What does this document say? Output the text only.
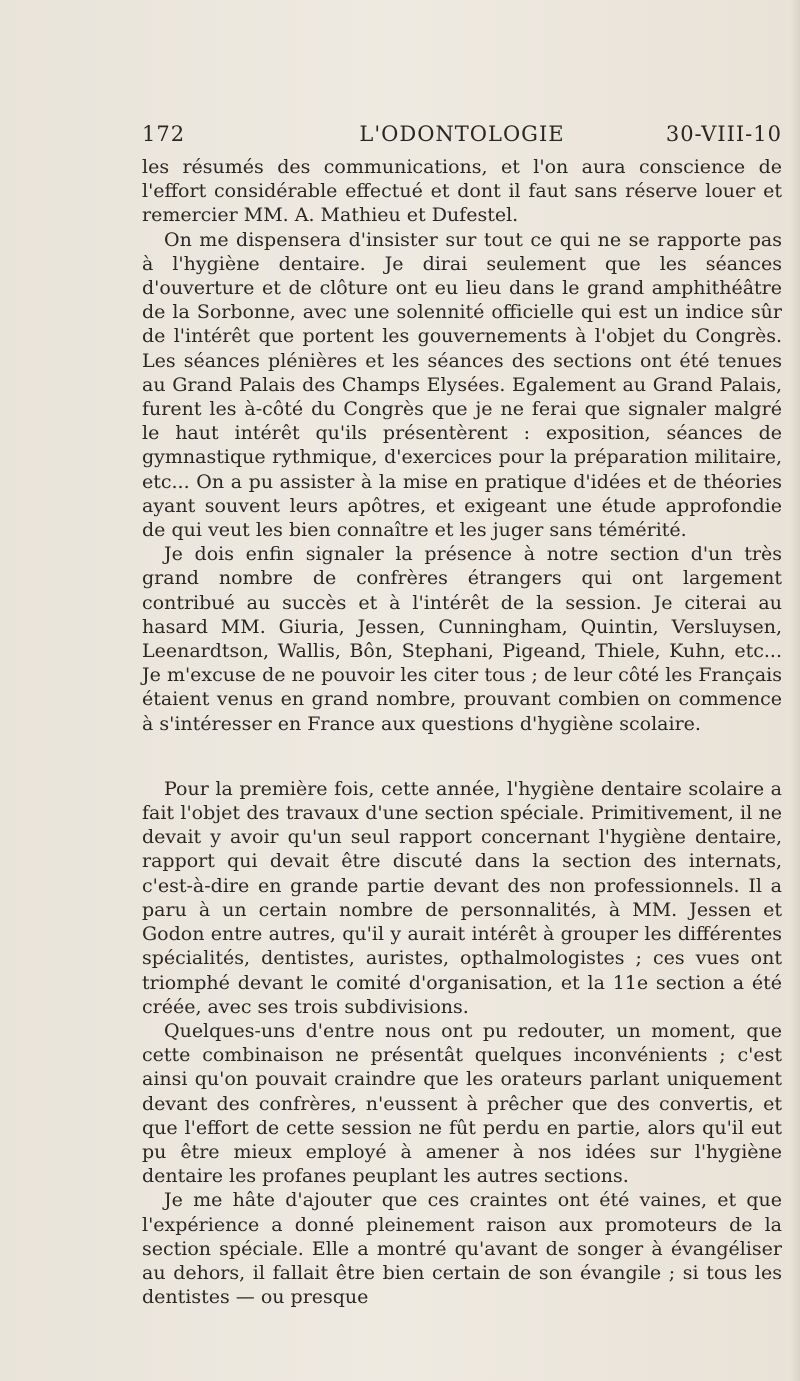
172	L'ODONTOLOGIE	30-VIII-10

les résumés des communications, et l'on aura conscience de l'effort considérable effectué et dont il faut sans réserve louer et remercier MM. A. Mathieu et Dufestel.

On me dispensera d'insister sur tout ce qui ne se rapporte pas à l'hygiène dentaire. Je dirai seulement que les séances d'ouverture et de clôture ont eu lieu dans le grand amphithéâtre de la Sorbonne, avec une solennité officielle qui est un indice sûr de l'intérêt que portent les gouvernements à l'objet du Congrès. Les séances plénières et les séances des sections ont été tenues au Grand Palais des Champs Elysées. Egalement au Grand Palais, furent les à-côté du Congrès que je ne ferai que signaler malgré le haut intérêt qu'ils présentèrent : exposition, séances de gymnastique rythmique, d'exercices pour la préparation militaire, etc... On a pu assister à la mise en pratique d'idées et de théories ayant souvent leurs apôtres, et exigeant une étude approfondie de qui veut les bien connaître et les juger sans témérité.

Je dois enfin signaler la présence à notre section d'un très grand nombre de confrères étrangers qui ont largement contribué au succès et à l'intérêt de la session. Je citerai au hasard MM. Giuria, Jessen, Cunningham, Quintin, Versluysen, Leenardtson, Wallis, Bôn, Stephani, Pigeand, Thiele, Kuhn, etc... Je m'excuse de ne pouvoir les citer tous ; de leur côté les Français étaient venus en grand nombre, prouvant combien on commence à s'intéresser en France aux questions d'hygiène scolaire.

Pour la première fois, cette année, l'hygiène dentaire scolaire a fait l'objet des travaux d'une section spéciale. Primitivement, il ne devait y avoir qu'un seul rapport concernant l'hygiène dentaire, rapport qui devait être discuté dans la section des internats, c'est-à-dire en grande partie devant des non professionnels. Il a paru à un certain nombre de personnalités, à MM. Jessen et Godon entre autres, qu'il y aurait intérêt à grouper les différentes spécialités, dentistes, auristes, opthalmologistes ; ces vues ont triomphé devant le comité d'organisation, et la 11e section a été créée, avec ses trois subdivisions.

Quelques-uns d'entre nous ont pu redouter, un moment, que cette combinaison ne présentât quelques inconvénients ; c'est ainsi qu'on pouvait craindre que les orateurs parlant uniquement devant des confrères, n'eussent à prêcher que des convertis, et que l'effort de cette session ne fût perdu en partie, alors qu'il eut pu être mieux employé à amener à nos idées sur l'hygiène dentaire les profanes peuplant les autres sections.

Je me hâte d'ajouter que ces craintes ont été vaines, et que l'expérience a donné pleinement raison aux promoteurs de la section spéciale. Elle a montré qu'avant de songer à évangéliser au dehors, il fallait être bien certain de son évangile ; si tous les dentistes — ou presque
